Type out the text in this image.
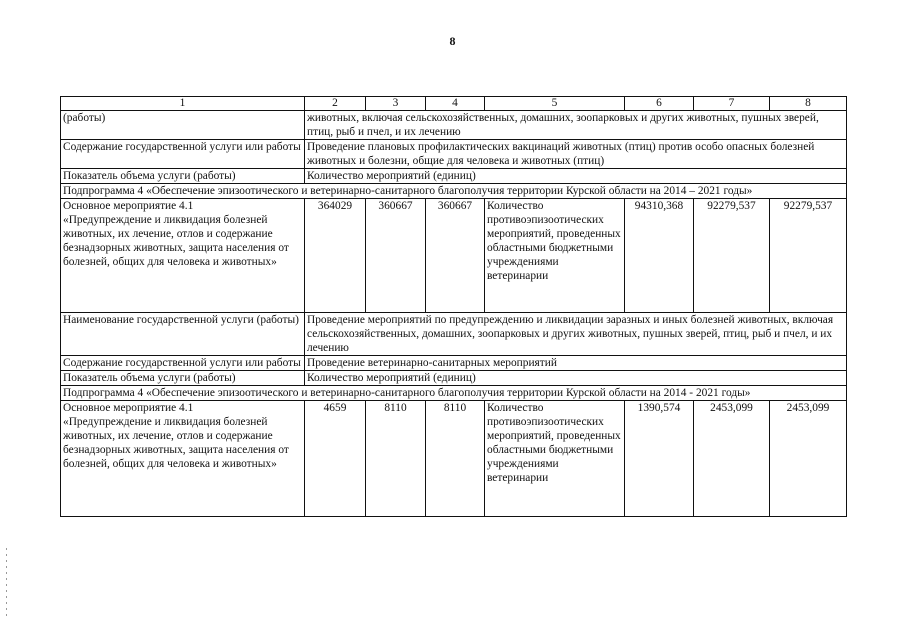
8
1	2	3	4	5	6	7	8
(работы)	животных, включая сельскохозяйственных, домашних, зоопарковых и других животных, пушных зверей, птиц, рыб и пчел, и их лечению						
Содержание государственной услуги или работы	Проведение плановых профилактических вакцинаций животных (птиц) против особо опасных болезней животных и болезни, общие для человека и животных (птиц)						
Показатель объема услуги (работы)	Количество мероприятий (единиц)						
Подпрограмма 4 «Обеспечение эпизоотического и ветеринарно-санитарного благополучия территории Курской области на 2014 – 2021 годы»							
Основное мероприятие 4.1
«Предупреждение и ликвидация болезней животных, их лечение, отлов и содержание безнадзорных животных, защита населения от болезней, общих для человека и животных»	364029	360667	360667	Количество противоэпизоотических мероприятий, проведенных областными бюджетными учреждениями ветеринарии	94310,368	92279,537	92279,537
Наименование государственной услуги (работы)	Проведение мероприятий по предупреждению и ликвидации заразных и иных болезней животных, включая сельскохозяйственных, домашних, зоопарковых и других животных, пушных зверей, птиц, рыб и пчел, и их лечению						
Содержание государственной услуги или работы	Проведение ветеринарно-санитарных мероприятий						
Показатель объема услуги (работы)	Количество мероприятий (единиц)						
Подпрограмма 4 «Обеспечение эпизоотического и ветеринарно-санитарного благополучия территории Курской области на 2014 - 2021 годы»							
Основное мероприятие 4.1
«Предупреждение и ликвидация болезней животных, их лечение, отлов и содержание безнадзорных животных, защита населения от болезней, общих для человека и животных»	4659	8110	8110	Количество противоэпизоотических мероприятий, проведенных областными бюджетными учреждениями ветеринарии	1390,574	2453,099	2453,099
